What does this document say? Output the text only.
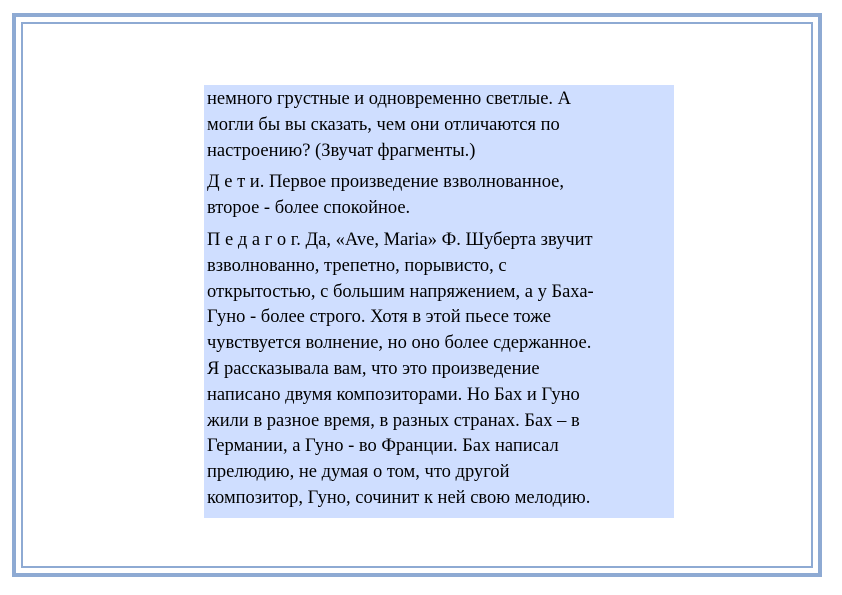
немного грустные и одновременно светлые. А
могли бы вы сказать, чем они отличаются по
настроению? (Звучат фрагменты.)

Д е т и. Первое произведение взволнованное,
второе - более спокойное.

П е д а г о г. Да, «Ave, Maria» Ф. Шуберта звучит
взволнованно, трепетно, порывисто, с
открытостью, с большим напряжением, а у Баха-
Гуно - более строго. Хотя в этой пьесе тоже
чувствуется волнение, но оно более сдержанное.
Я рассказывала вам, что это произведение
написано двумя композиторами. Но Бах и Гуно
жили в разное время, в разных странах. Бах – в
Германии, а Гуно - во Франции. Бах написал
прелюдию, не думая о том, что другой
композитор, Гуно, сочинит к ней свою мелодию.
